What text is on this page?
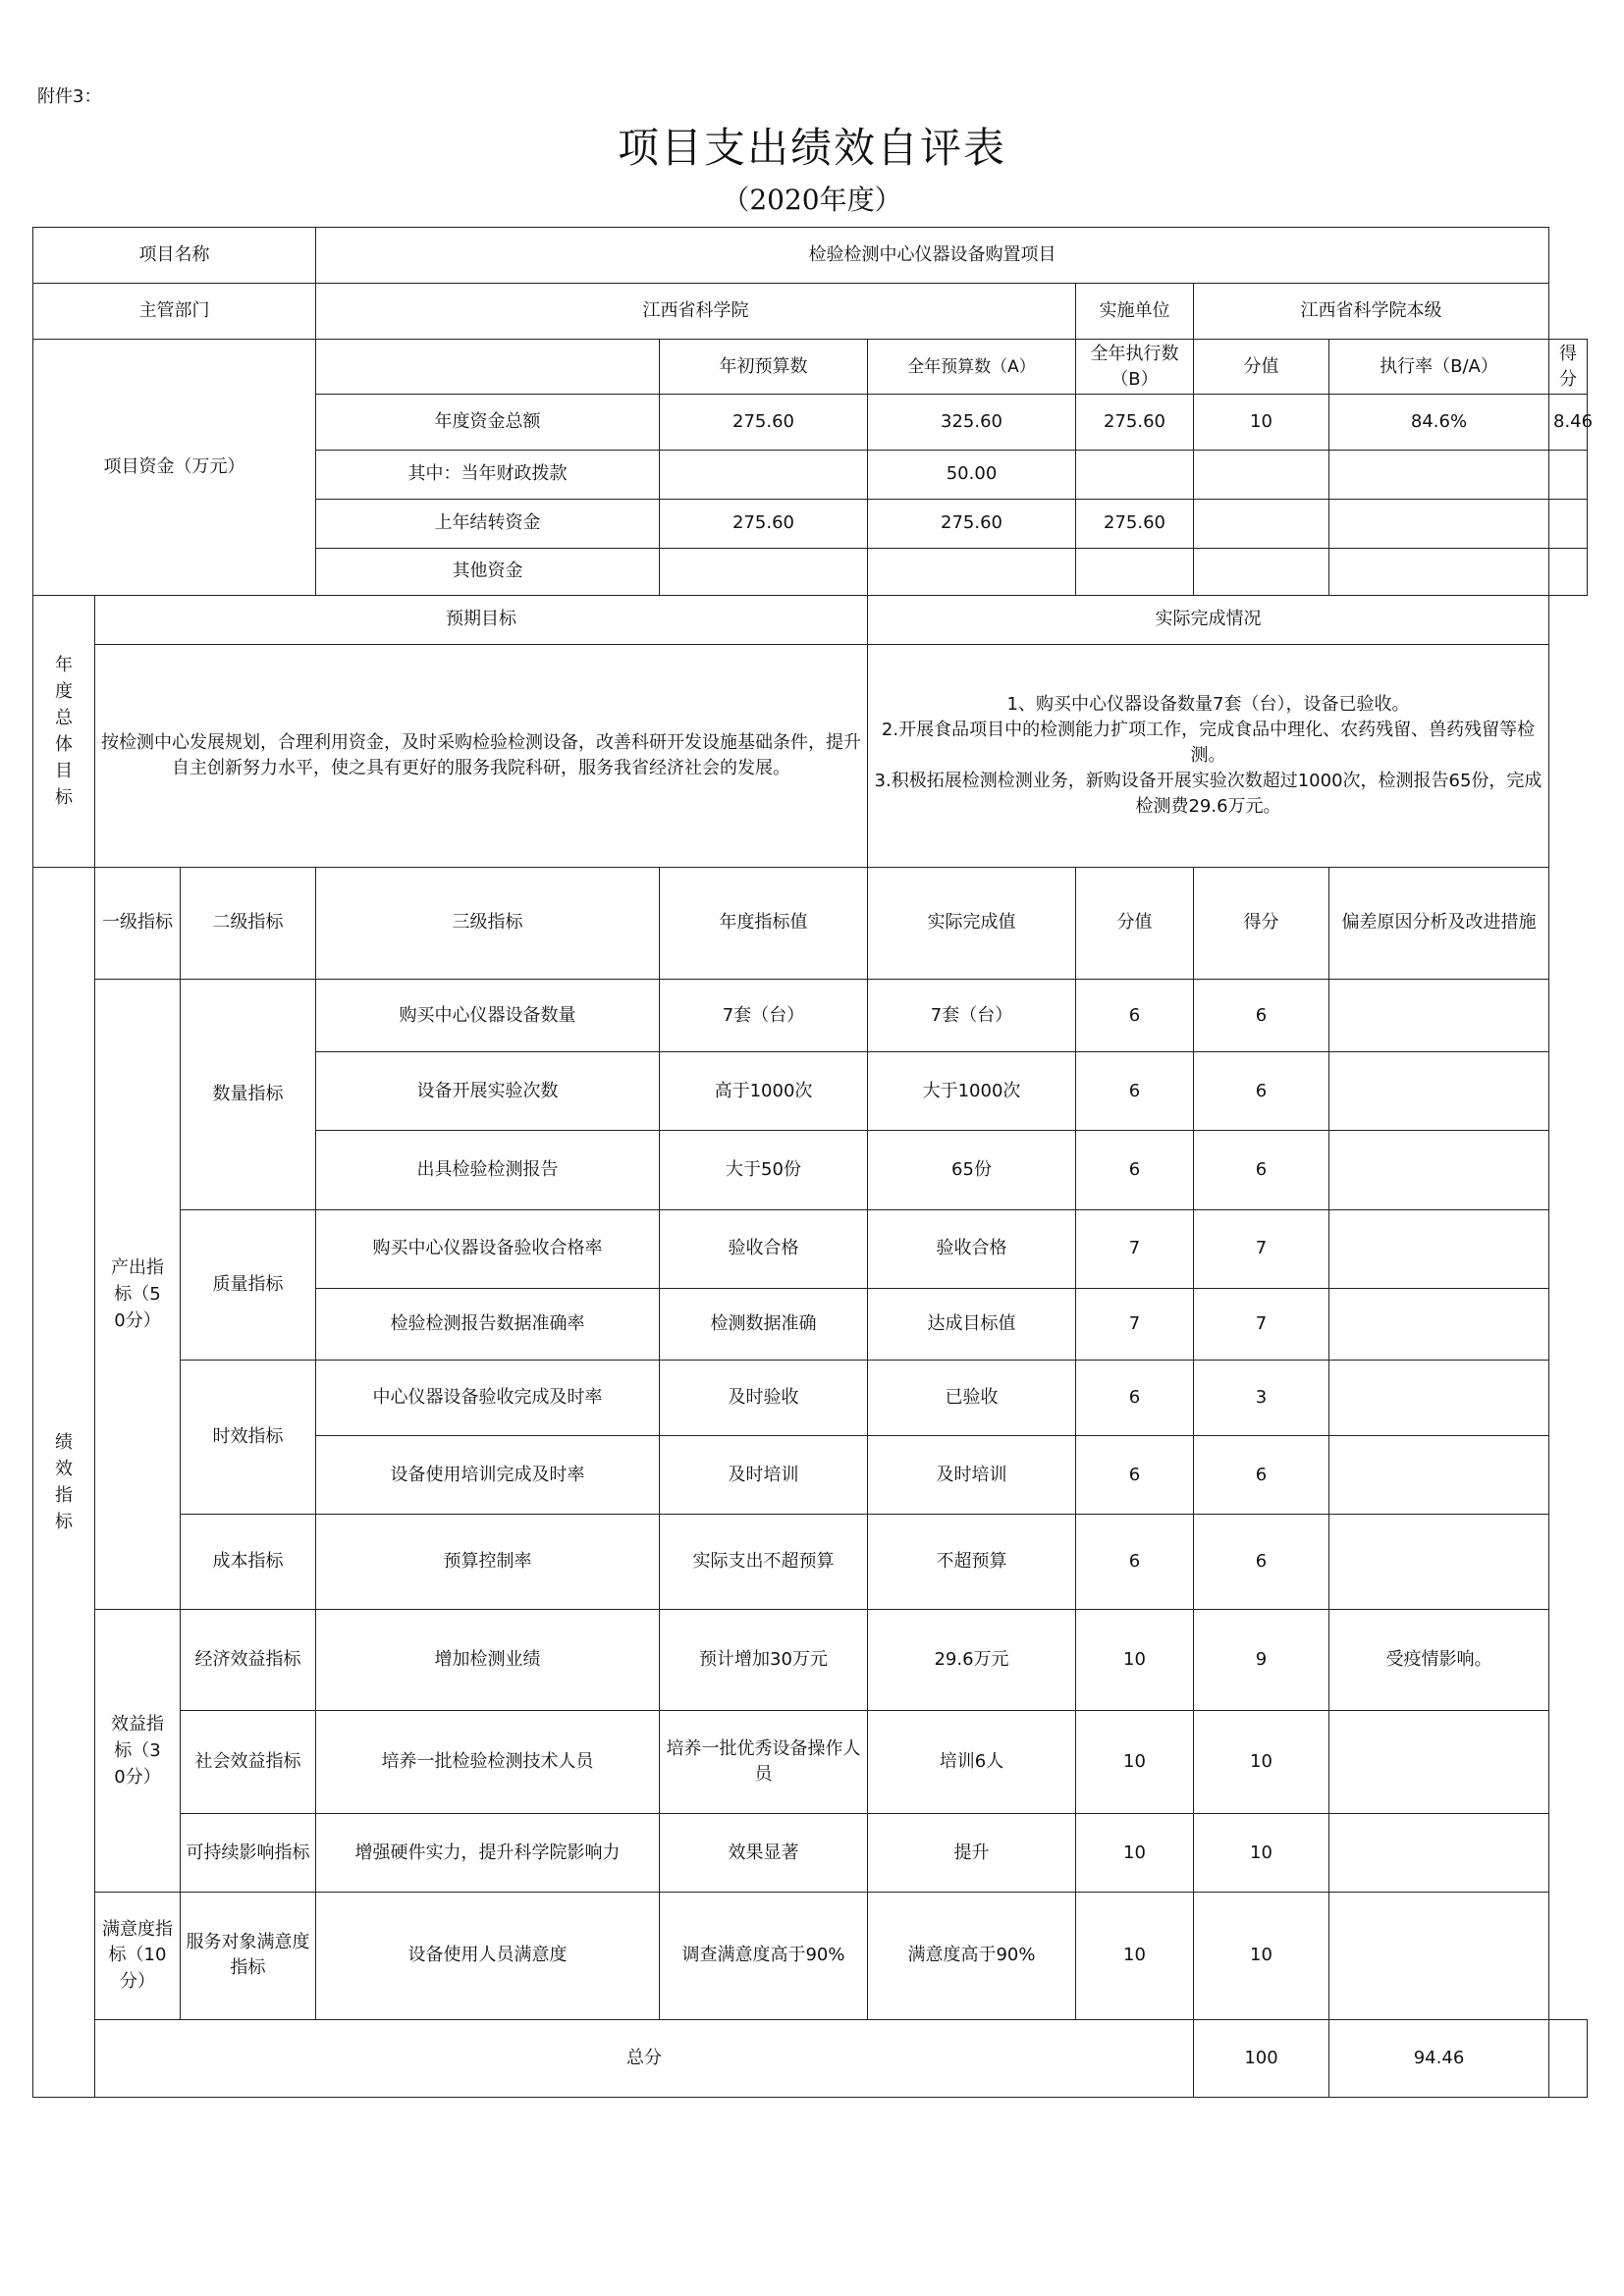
附件3：
项目支出绩效自评表
（2020年度）
项目名称			检验检测中心仪器设备购置项目						
主管部门			江西省科学院			实施单位	江西省科学院本级		
项目资金（万元）				年初预算数	全年预算数（A）	全年执行数（B）	分值	执行率（B/A）	得分
			年度资金总额	275.60	325.60	275.60	10	84.6%	8.46
			其中：当年财政拨款		50.00				
			上年结转资金	275.60	275.60	275.60			
			其他资金						
年度总体目标	预期目标				实际完成情况				
	按检测中心发展规划，合理利用资金，及时采购检验检测设备，改善科研开发设施基础条件，提升自主创新努力水平，使之具有更好的服务我院科研，服务我省经济社会的发展。				1、购买中心仪器设备数量7套（台），设备已验收。
2.开展食品项目中的检测能力扩项工作，完成食品中理化、农药残留、兽药残留等检测。
3.积极拓展检测检测业务，新购设备开展实验次数超过1000次，检测报告65份，完成检测费29.6万元。				
绩效指标	一级指标	二级指标	三级指标	年度指标值	实际完成值	分值	得分	偏差原因分析及改进措施	
	产出指标（50分）	数量指标	购买中心仪器设备数量	7套（台）	7套（台）	6	6		
			设备开展实验次数	高于1000次	大于1000次	6	6		
			出具检验检测报告	大于50份	65份	6	6		
		质量指标	购买中心仪器设备验收合格率	验收合格	验收合格	7	7		
			检验检测报告数据准确率	检测数据准确	达成目标值	7	7		
		时效指标	中心仪器设备验收完成及时率	及时验收	已验收	6	3		
			设备使用培训完成及时率	及时培训	及时培训	6	6		
		成本指标	预算控制率	实际支出不超预算	不超预算	6	6		
	效益指标（30分）	经济效益指标	增加检测业绩	预计增加30万元	29.6万元	10	9	受疫情影响。	
		社会效益指标	培养一批检验检测技术人员	培养一批优秀设备操作人员	培训6人	10	10		
		可持续影响指标	增强硬件实力，提升科学院影响力	效果显著	提升	10	10		
	满意度指标（10分）	服务对象满意度指标	设备使用人员满意度	调查满意度高于90%	满意度高于90%	10	10		
	总分						100	94.46	
